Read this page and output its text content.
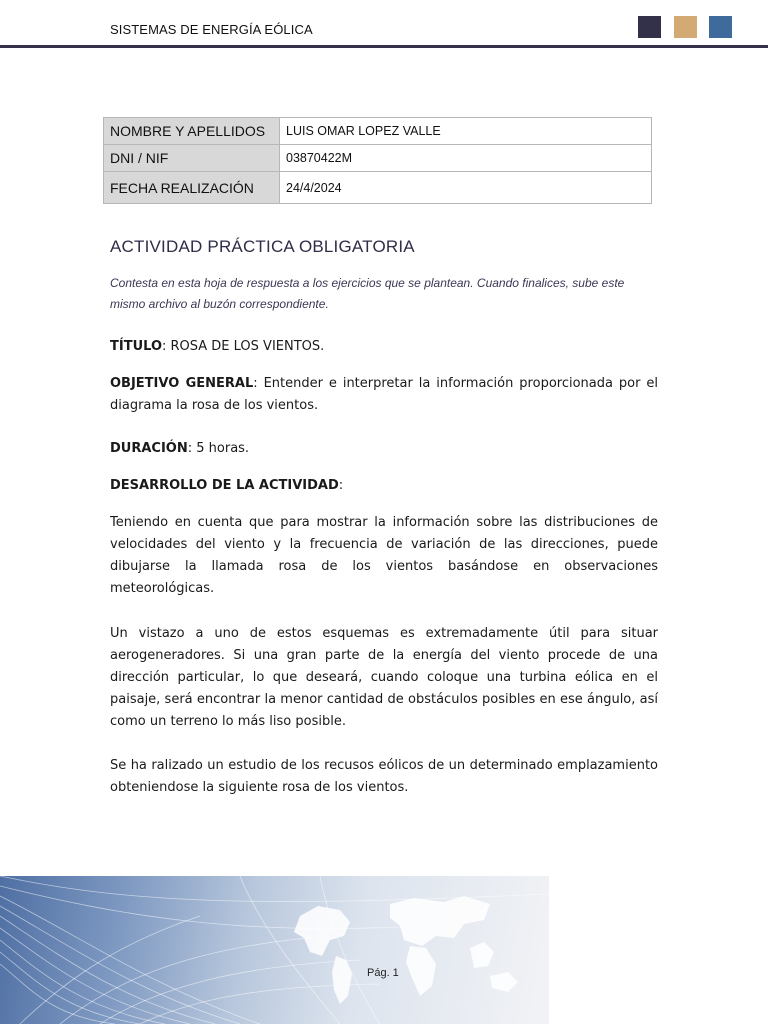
SISTEMAS DE ENERGÍA EÓLICA
NOMBRE Y APELLIDOS	LUIS OMAR LOPEZ VALLE
DNI / NIF	03870422M
FECHA REALIZACIÓN	24/4/2024
ACTIVIDAD PRÁCTICA OBLIGATORIA
Contesta en esta hoja de respuesta a los ejercicios que se plantean. Cuando finalices, sube este mismo archivo al buzón correspondiente.
TÍTULO: ROSA DE LOS VIENTOS.
OBJETIVO GENERAL: Entender e interpretar la información proporcionada por el diagrama la rosa de los vientos.
DURACIÓN: 5 horas.
DESARROLLO DE LA ACTIVIDAD:
Teniendo en cuenta que para mostrar la información sobre las distribuciones de velocidades del viento y la frecuencia de variación de las direcciones, puede dibujarse la llamada rosa de los vientos basándose en observaciones meteorológicas.
Un vistazo a uno de estos esquemas es extremadamente útil para situar aerogeneradores. Si una gran parte de la energía del viento procede de una dirección particular, lo que deseará, cuando coloque una turbina eólica en el paisaje, será encontrar la menor cantidad de obstáculos posibles en ese ángulo, así como un terreno lo más liso posible.
Se ha ralizado un estudio de los recusos eólicos de un determinado emplazamiento obteniendose la siguiente rosa de los vientos.
Pág. 1
